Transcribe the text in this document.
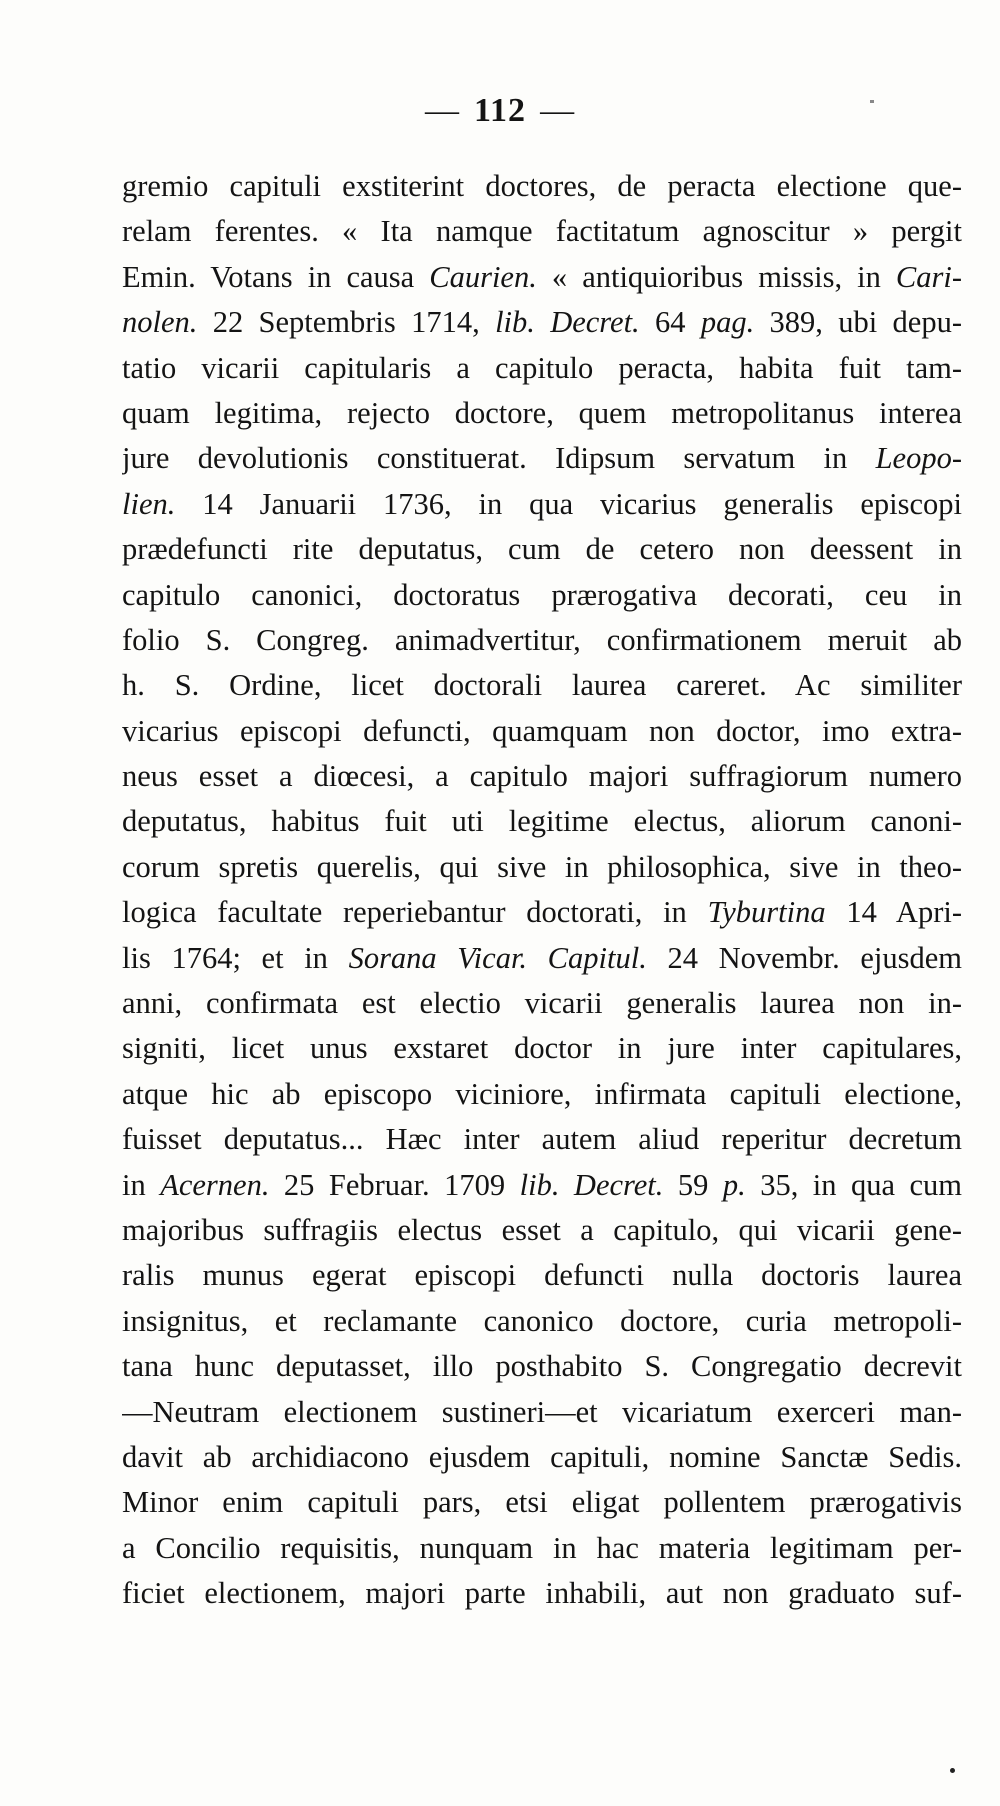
— 112 —
gremio capituli exstiterint doctores, de peracta electione que-
relam ferentes. « Ita namque factitatum agnoscitur » pergit
Emin. Votans in causa Caurien. « antiquioribus missis, in Cari-
nolen. 22 Septembris 1714, lib. Decret. 64 pag. 389, ubi depu-
tatio vicarii capitularis a capitulo peracta, habita fuit tam-
quam legitima, rejecto doctore, quem metropolitanus interea
jure devolutionis constituerat. Idipsum servatum in Leopo-
lien. 14 Januarii 1736, in qua vicarius generalis episcopi
prædefuncti rite deputatus, cum de cetero non deessent in
capitulo canonici, doctoratus prærogativa decorati, ceu in
folio S. Congreg. animadvertitur, confirmationem meruit ab
h. S. Ordine, licet doctorali laurea careret. Ac similiter
vicarius episcopi defuncti, quamquam non doctor, imo extra-
neus esset a diœcesi, a capitulo majori suffragiorum numero
deputatus, habitus fuit uti legitime electus, aliorum canoni-
corum spretis querelis, qui sive in philosophica, sive in theo-
logica facultate reperiebantur doctorati, in Tyburtina 14 Apri-
lis 1764; et in Sorana Vicar. Capitul. 24 Novembr. ejusdem
anni, confirmata est electio vicarii generalis laurea non in-
signiti, licet unus exstaret doctor in jure inter capitulares,
atque hic ab episcopo viciniore, infirmata capituli electione,
fuisset deputatus... Hæc inter autem aliud reperitur decretum
in Acernen. 25 Februar. 1709 lib. Decret. 59 p. 35, in qua cum
majoribus suffragiis electus esset a capitulo, qui vicarii gene-
ralis munus egerat episcopi defuncti nulla doctoris laurea
insignitus, et reclamante canonico doctore, curia metropoli-
tana hunc deputasset, illo posthabito S. Congregatio decrevit
—Neutram electionem sustineri—et vicariatum exerceri man-
davit ab archidiacono ejusdem capituli, nomine Sanctæ Sedis.
Minor enim capituli pars, etsi eligat pollentem prærogativis
a Concilio requisitis, nunquam in hac materia legitimam per-
ficiet electionem, majori parte inhabili, aut non graduato suf-
